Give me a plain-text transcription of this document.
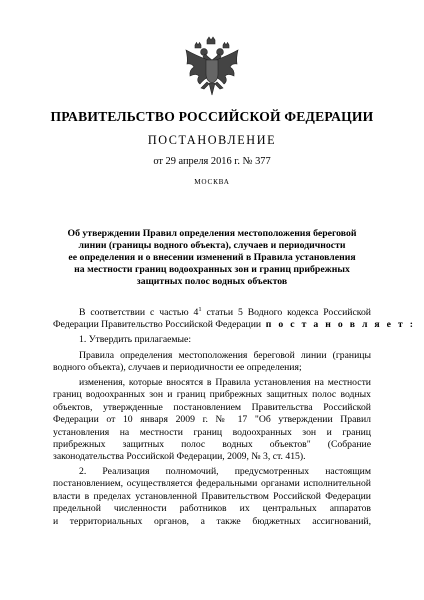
ПРАВИТЕЛЬСТВО РОССИЙСКОЙ ФЕДЕРАЦИИ
ПОСТАНОВЛЕНИЕ
от 29 апреля 2016 г. № 377
МОСКВА
Об утверждении Правил определения местоположения береговой
линии (границы водного объекта), случаев и периодичности
ее определения и о внесении изменений в Правила установления
на местности границ водоохранных зон и границ прибрежных
защитных полос водных объектов
В соответствии с частью $4^1$ статьи 5 Водного кодекса Российской
Федерации Правительство Российской Федерации п о с т а н о в л я е т :
1. Утвердить прилагаемые:
Правила определения местоположения береговой линии (границы
водного объекта), случаев и периодичности ее определения;
изменения, которые вносятся в Правила установления на местности
границ водоохранных зон и границ прибрежных защитных полос водных
объектов, утвержденные постановлением Правительства Российской
Федерации от 10 января 2009 г. № 17 "Об утверждении Правил
установления на местности границ водоохранных зон и границ
прибрежных защитных полос водных объектов" (Собрание
законодательства Российской Федерации, 2009, № 3, ст. 415).
2. Реализация полномочий, предусмотренных настоящим
постановлением, осуществляется федеральными органами исполнительной
власти в пределах установленной Правительством Российской Федерации
предельной численности работников их центральных аппаратов
и территориальных органов, а также бюджетных ассигнований,
